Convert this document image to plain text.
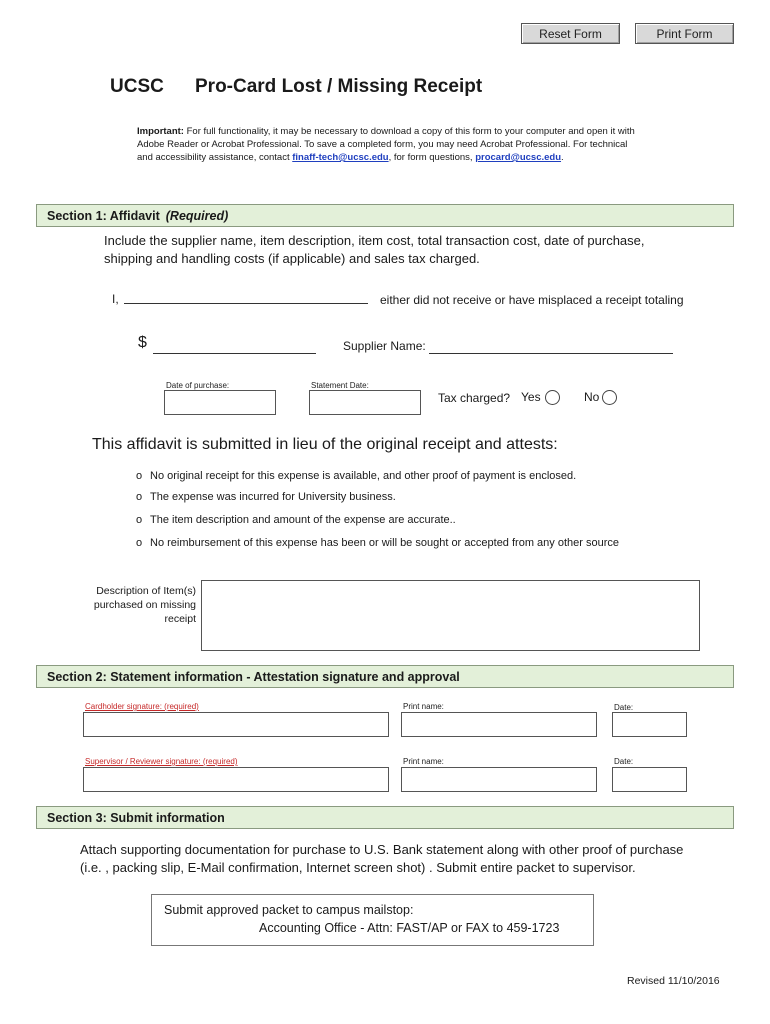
Reset Form	Print Form
UCSC Pro-Card Lost / Missing Receipt
Important: For full functionality, it may be necessary to download a copy of this form to your computer and open it with Adobe Reader or Acrobat Professional. To save a completed form, you may need Acrobat Professional. For technical and accessibility assistance, contact finaff-tech@ucsc.edu, for form questions, procard@ucsc.edu.
Section 1: Affidavit (Required)
Include the supplier name, item description, item cost, total transaction cost, date of purchase, shipping and handling costs (if applicable) and sales tax charged.
I,	either did not receive or have misplaced a receipt totaling
$	Supplier Name:
Date of purchase:	Statement Date:
Tax charged? Yes	No
This affidavit is submitted in lieu of the original receipt and attests:
o No original receipt for this expense is available, and other proof of payment is enclosed.
o The expense was incurred for University business.
o The item description and amount of the expense are accurate..
o No reimbursement of this expense has been or will be sought or accepted from any other source
Description of Item(s)
purchased on missing
receipt
Section 2: Statement information - Attestation signature and approval
Cardholder signature: (required)	Print name:	Date:
Supervisor / Reviewer signature: (required)	Print name:	Date:
Section 3: Submit information
Attach supporting documentation for purchase to U.S. Bank statement along with other proof of purchase (i.e. , packing slip, E-Mail confirmation, Internet screen shot) . Submit entire packet to supervisor.
Submit approved packet to campus mailstop:
Accounting Office - Attn: FAST/AP or FAX to 459-1723
Revised 11/10/2016
